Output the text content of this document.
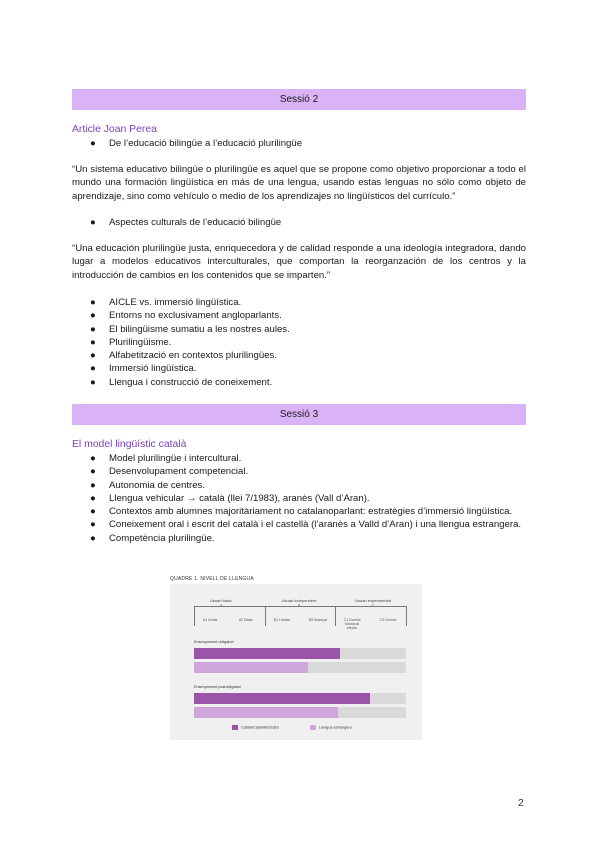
Sessió 2
Article Joan Perea
● De l’educació bilingüe a l’educació plurilingüe
“Un sistema educativo bilingüe o plurilingüe es aquel que se propone como objetivo proporcionar a todo el mundo una formación lingüística en más de una lengua, usando estas lenguas no sólo como objeto de aprendizaje, sino como vehículo o medio de los aprendizajes no lingüísticos del currículo.”
● Aspectes culturals de l’educació bilingüe
“Una educación plurilingüe justa, enriquecedora y de calidad responde a una ideología integradora, dando lugar a modelos educativos interculturales, que comportan la reorganzación de los centros y la introducción de cambios en los contenidos que se imparten.”
● AICLE vs. immersió lingüística.
● Entorns no exclusivament angloparlants.
● El bilingüisme sumatiu a les nostres aules.
● Plurilingüisme.
● Alfabetització en contextos plurilingües.
● Immersió lingüística.
● Llengua i construcció de coneixement.
Sessió 3
El model lingüístic català
● Model plurilingüe i intercultural.
● Desenvolupament competencial.
● Autonomia de centres.
● Llengua vehicular → català (llei 7/1983), aranès (Vall d’Aran).
● Contextos amb alumnes majoritàriament no catalanoparlant: estratègies d’immersió lingüística.
● Coneixement oral i escrit del català i el castellà (l’aranès a Valld d’Aran) i una llengua estrangera.
● Competència plurilingüe.
QUADRE 1. NIVELL DE LLENGUA
Usuari bàsic
A
Usuari independent
B
Usuari experimentat
C
A1 Inicial	A2 Bàsic	B1 Llindar	B2 Avançat	C1 Domini funcional efectiu
C2 Domini
Ensenyament obligatori
Ensenyament postobligatori
Català/Castellà/Occità	Llengua estrangera
2
